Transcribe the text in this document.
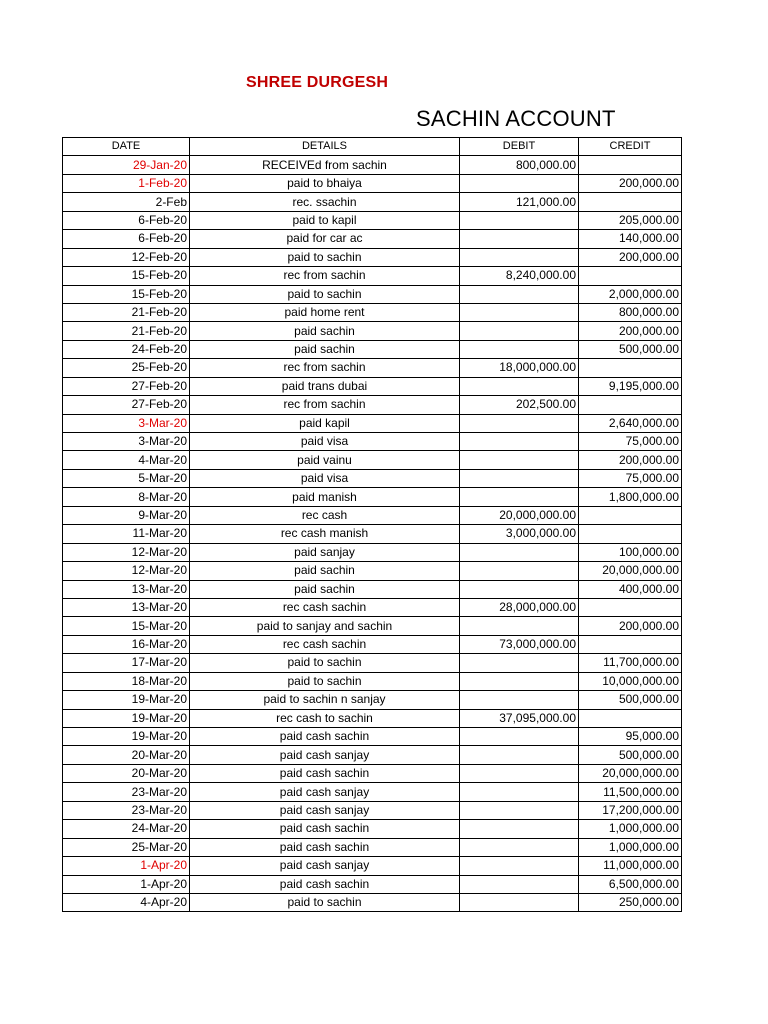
SHREE DURGESH
SACHIN ACCOUNT
DATE	DETAILS	DEBIT	CREDIT
29-Jan-20	RECEIVEd from sachin	800,000.00	
1-Feb-20	paid to bhaiya		200,000.00
2-Feb	rec. ssachin	121,000.00	
6-Feb-20	paid to kapil		205,000.00
6-Feb-20	paid for car ac		140,000.00
12-Feb-20	paid to sachin		200,000.00
15-Feb-20	rec from sachin	8,240,000.00	
15-Feb-20	paid to sachin		2,000,000.00
21-Feb-20	paid home rent		800,000.00
21-Feb-20	paid sachin		200,000.00
24-Feb-20	paid sachin		500,000.00
25-Feb-20	rec from sachin	18,000,000.00	
27-Feb-20	paid trans dubai		9,195,000.00
27-Feb-20	rec from sachin	202,500.00	
3-Mar-20	paid kapil		2,640,000.00
3-Mar-20	paid visa		75,000.00
4-Mar-20	paid vainu		200,000.00
5-Mar-20	paid visa		75,000.00
8-Mar-20	paid manish		1,800,000.00
9-Mar-20	rec cash	20,000,000.00	
11-Mar-20	rec cash manish	3,000,000.00	
12-Mar-20	paid sanjay		100,000.00
12-Mar-20	paid sachin		20,000,000.00
13-Mar-20	paid sachin		400,000.00
13-Mar-20	rec cash sachin	28,000,000.00	
15-Mar-20	paid to sanjay and sachin		200,000.00
16-Mar-20	rec cash sachin	73,000,000.00	
17-Mar-20	paid to sachin		11,700,000.00
18-Mar-20	paid to sachin		10,000,000.00
19-Mar-20	paid to sachin n sanjay		500,000.00
19-Mar-20	rec cash to sachin	37,095,000.00	
19-Mar-20	paid cash sachin		95,000.00
20-Mar-20	paid cash sanjay		500,000.00
20-Mar-20	paid cash sachin		20,000,000.00
23-Mar-20	paid cash sanjay		11,500,000.00
23-Mar-20	paid cash sanjay		17,200,000.00
24-Mar-20	paid cash sachin		1,000,000.00
25-Mar-20	paid cash sachin		1,000,000.00
1-Apr-20	paid cash sanjay		11,000,000.00
1-Apr-20	paid cash sachin		6,500,000.00
4-Apr-20	paid to sachin		250,000.00
